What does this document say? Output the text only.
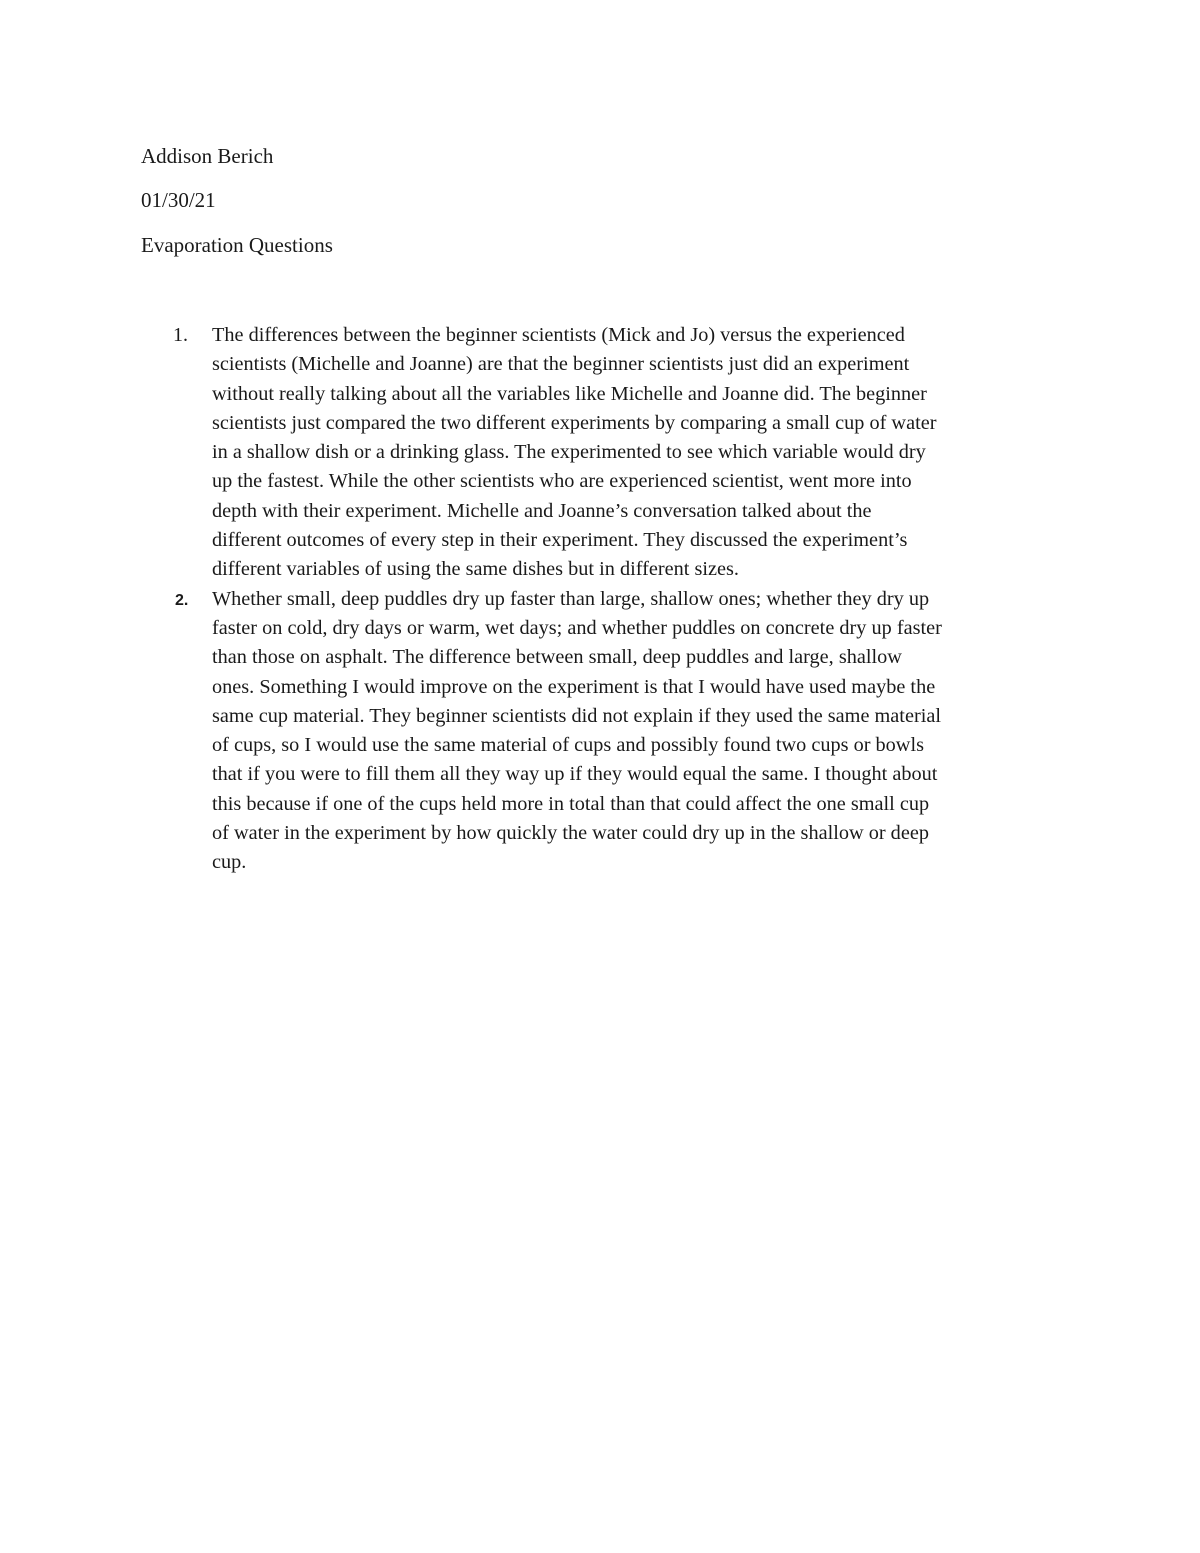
Addison Berich
01/30/21
Evaporation Questions
1. The differences between the beginner scientists (Mick and Jo) versus the experienced
scientists (Michelle and Joanne) are that the beginner scientists just did an experiment
without really talking about all the variables like Michelle and Joanne did. The beginner
scientists just compared the two different experiments by comparing a small cup of water
in a shallow dish or a drinking glass. The experimented to see which variable would dry
up the fastest. While the other scientists who are experienced scientist, went more into
depth with their experiment. Michelle and Joanne’s conversation talked about the
different outcomes of every step in their experiment. They discussed the experiment’s
different variables of using the same dishes but in different sizes.
2. Whether small, deep puddles dry up faster than large, shallow ones; whether they dry up
faster on cold, dry days or warm, wet days; and whether puddles on concrete dry up faster
than those on asphalt. The difference between small, deep puddles and large, shallow
ones. Something I would improve on the experiment is that I would have used maybe the
same cup material. They beginner scientists did not explain if they used the same material
of cups, so I would use the same material of cups and possibly found two cups or bowls
that if you were to fill them all they way up if they would equal the same. I thought about
this because if one of the cups held more in total than that could affect the one small cup
of water in the experiment by how quickly the water could dry up in the shallow or deep
cup.
